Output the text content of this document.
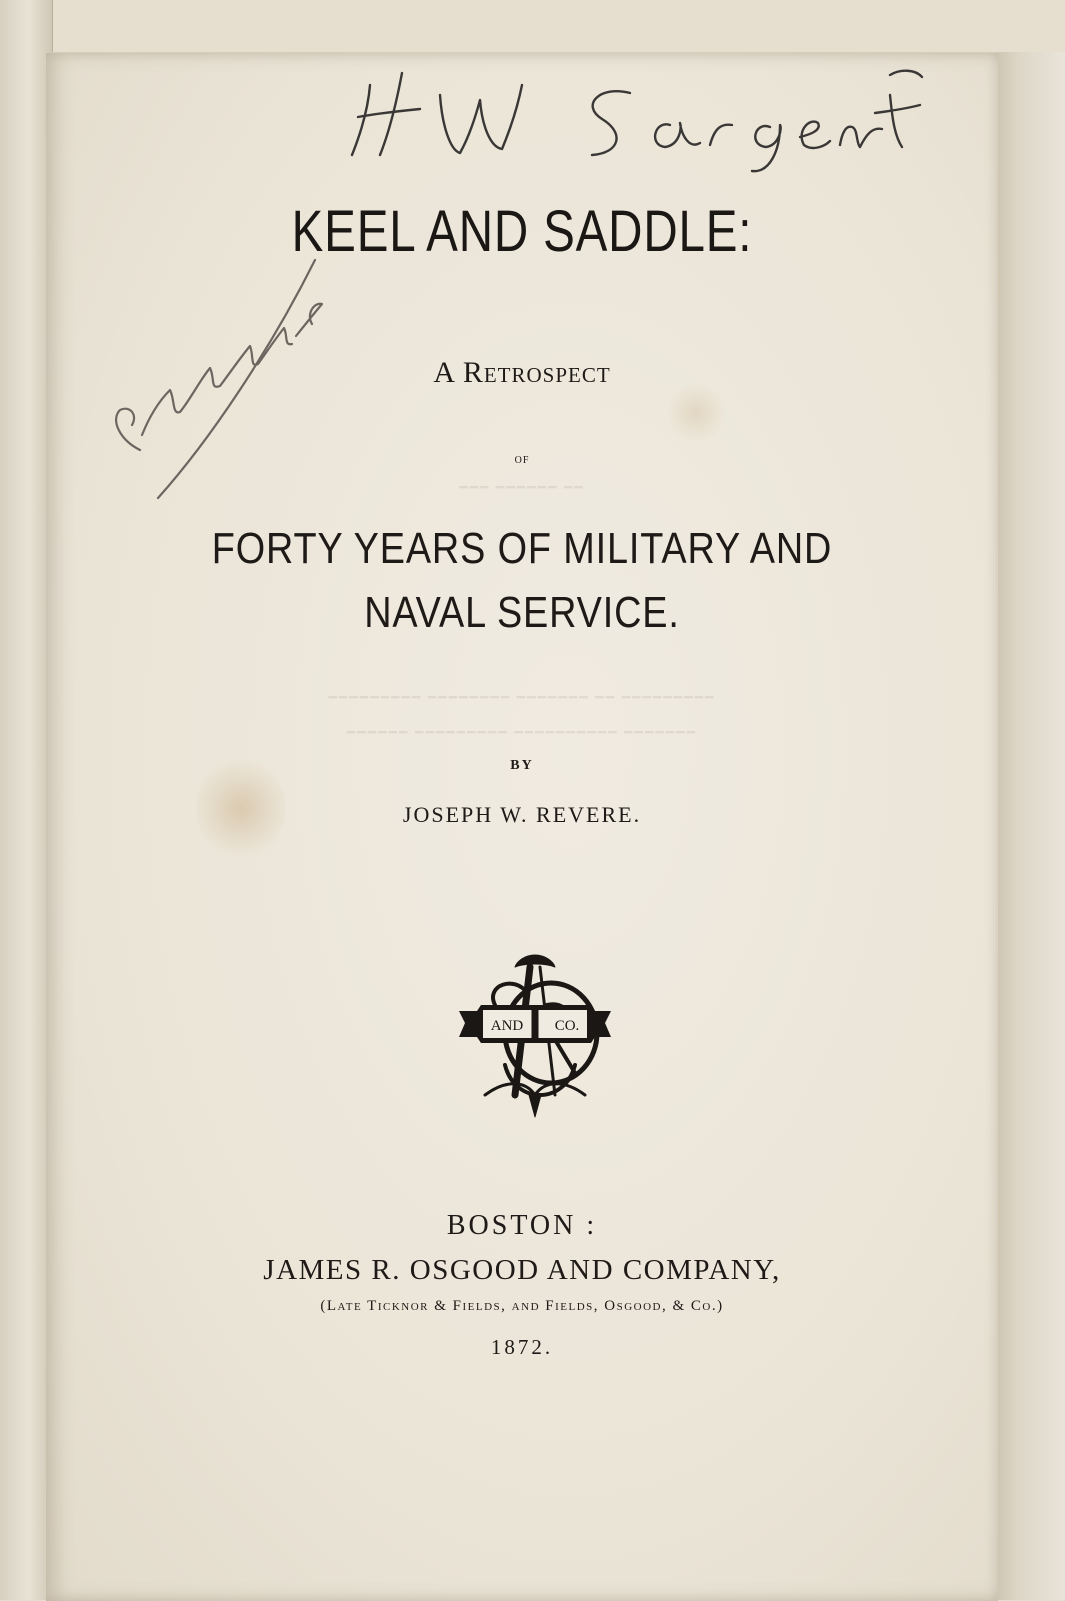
━━━ ━━━━━━ ━━
━━━━━━━━━ ━━━━━━━━ ━━━━━━━ ━━ ━━━━━━━━━
━━━━━━ ━━━━━━━━━ ━━━━━━━━━━ ━━━━━━━
KEEL AND SADDLE:
A Retrospect
OF
FORTY YEARS OF MILITARY AND
NAVAL SERVICE.
BY
JOSEPH W. REVERE.
AND CO.
BOSTON :
JAMES R. OSGOOD AND COMPANY,
(Late Ticknor & Fields, and Fields, Osgood, & Co.)
1872.
